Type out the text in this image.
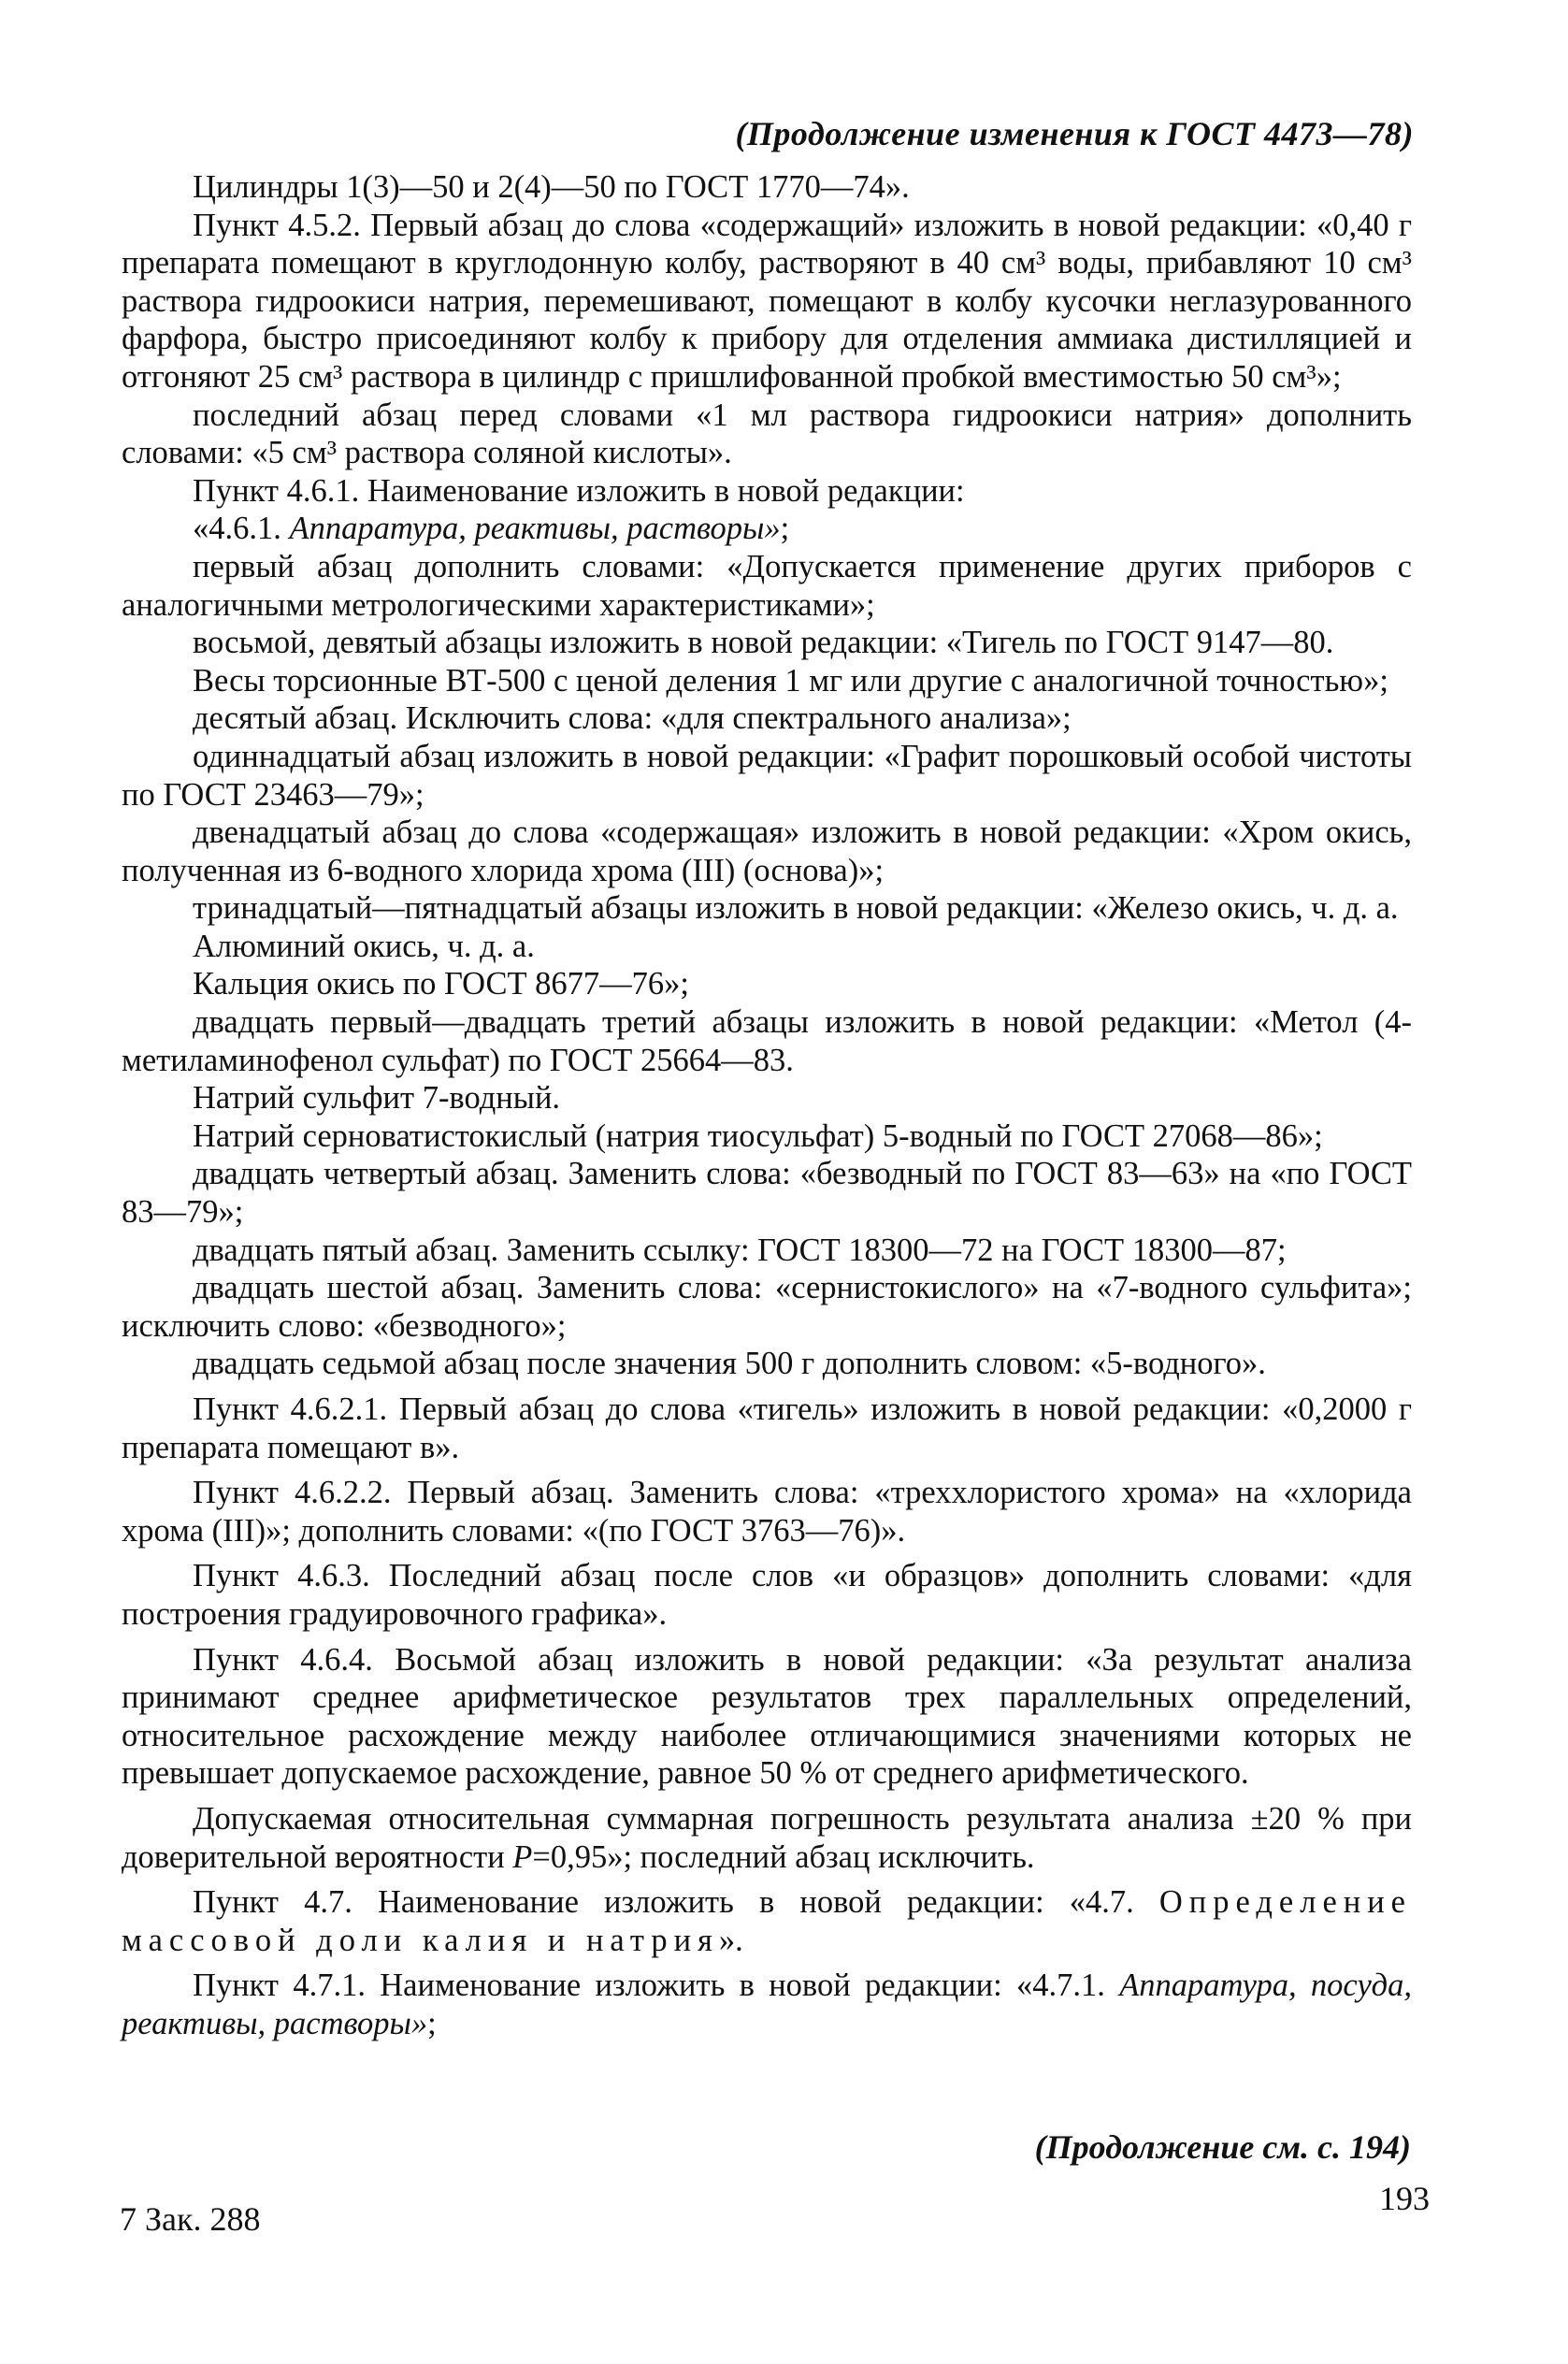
(Продолжение изменения к ГОСТ 4473—78)

Цилиндры 1(3)—50 и 2(4)—50 по ГОСТ 1770—74».

Пункт 4.5.2. Первый абзац до слова «содержащий» изложить в новой редакции: «0,40 г препарата помещают в круглодонную колбу, растворяют в 40 см³ воды, прибавляют 10 см³ раствора гидроокиси натрия, перемешивают, помещают в колбу кусочки неглазурованного фарфора, быстро присоединяют колбу к прибору для отделения аммиака дистилляцией и отгоняют 25 см³ раствора в цилиндр с пришлифованной пробкой вместимостью 50 см³»;

последний абзац перед словами «1 мл раствора гидроокиси натрия» дополнить словами: «5 см³ раствора соляной кислоты».

Пункт 4.6.1. Наименование изложить в новой редакции:

«4.6.1. Аппаратура, реактивы, растворы»;

первый абзац дополнить словами: «Допускается применение других приборов с аналогичными метрологическими характеристиками»;

восьмой, девятый абзацы изложить в новой редакции: «Тигель по ГОСТ 9147—80.

Весы торсионные ВТ-500 с ценой деления 1 мг или другие с аналогичной точностью»;

десятый абзац. Исключить слова: «для спектрального анализа»;

одиннадцатый абзац изложить в новой редакции: «Графит порошковый особой чистоты по ГОСТ 23463—79»;

двенадцатый абзац до слова «содержащая» изложить в новой редакции: «Хром окись, полученная из 6-водного хлорида хрома (III) (основа)»;

тринадцатый—пятнадцатый абзацы изложить в новой редакции: «Железо окись, ч. д. а.

Алюминий окись, ч. д. а.

Кальция окись по ГОСТ 8677—76»;

двадцать первый—двадцать третий абзацы изложить в новой редакции: «Метол (4-метиламинофенол сульфат) по ГОСТ 25664—83.

Натрий сульфит 7-водный.

Натрий серноватистокислый (натрия тиосульфат) 5-водный по ГОСТ 27068—86»;

двадцать четвертый абзац. Заменить слова: «безводный по ГОСТ 83—63» на «по ГОСТ 83—79»;

двадцать пятый абзац. Заменить ссылку: ГОСТ 18300—72 на ГОСТ 18300—87;

двадцать шестой абзац. Заменить слова: «сернистокислого» на «7-водного сульфита»; исключить слово: «безводного»;

двадцать седьмой абзац после значения 500 г дополнить словом: «5-водного».

Пункт 4.6.2.1. Первый абзац до слова «тигель» изложить в новой редакции: «0,2000 г препарата помещают в».

Пункт 4.6.2.2. Первый абзац. Заменить слова: «треххлористого хрома» на «хлорида хрома (III)»; дополнить словами: «(по ГОСТ 3763—76)».

Пункт 4.6.3. Последний абзац после слов «и образцов» дополнить словами: «для построения градуировочного графика».

Пункт 4.6.4. Восьмой абзац изложить в новой редакции: «За результат анализа принимают среднее арифметическое результатов трех параллельных определений, относительное расхождение между наиболее отличающимися значениями которых не превышает допускаемое расхождение, равное 50 % от среднего арифметического.

Допускаемая относительная суммарная погрешность результата анализа ±20 % при доверительной вероятности P=0,95»; последний абзац исключить.

Пункт 4.7. Наименование изложить в новой редакции: «4.7. Определение массовой доли калия и натрия».

Пункт 4.7.1. Наименование изложить в новой редакции: «4.7.1. Аппаратура, посуда, реактивы, растворы»;

(Продолжение см. с. 194)
7 Зак. 288
193
